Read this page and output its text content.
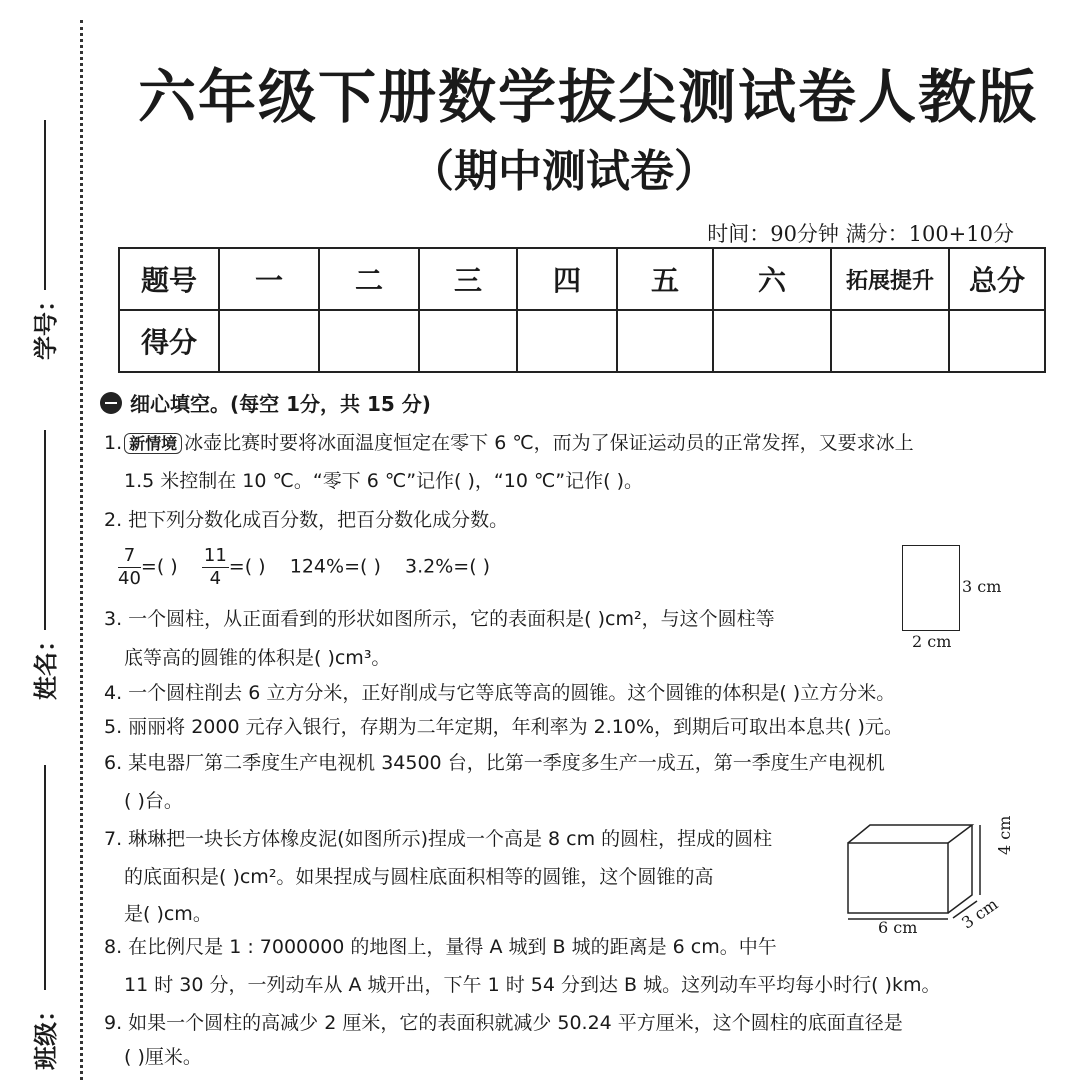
学号：
姓名：
班级：
六年级下册数学拔尖测试卷人教版
（期中测试卷）
时间：90分钟 满分：100+10分
题号	一	二	三	四	五	六	拓展提升	总分
得分								
细心填空。(每空 1分，共 15 分)
1. 新情境 冰壶比赛时要将冰面温度恒定在零下 6 ℃，而为了保证运动员的正常发挥，又要求冰上
1.5 米控制在 10 ℃。“零下 6 ℃”记作( )，“10 ℃”记作( )。
2. 把下列分数化成百分数，把百分数化成分数。
$\frac{7}{40}$ =( ) $\frac{11}{4}$ =( ) 124%=( ) 3.2%=( )
3 cm
2 cm
3. 一个圆柱，从正面看到的形状如图所示，它的表面积是( )cm²，与这个圆柱等
底等高的圆锥的体积是( )cm³。
4. 一个圆柱削去 6 立方分米，正好削成与它等底等高的圆锥。这个圆锥的体积是( )立方分米。
5. 丽丽将 2000 元存入银行，存期为二年定期，年利率为 2.10%，到期后可取出本息共( )元。
6. 某电器厂第二季度生产电视机 34500 台，比第一季度多生产一成五，第一季度生产电视机
( )台。
7. 琳琳把一块长方体橡皮泥(如图所示)捏成一个高是 8 cm 的圆柱，捏成的圆柱
的底面积是( )cm²。如果捏成与圆柱底面积相等的圆锥，这个圆锥的高
是( )cm。
6 cm	3 cm
4 cm
8. 在比例尺是 1 : 7000000 的地图上，量得 A 城到 B 城的距离是 6 cm。中午
11 时 30 分，一列动车从 A 城开出，下午 1 时 54 分到达 B 城。这列动车平均每小时行( )km。
9. 如果一个圆柱的高减少 2 厘米，它的表面积就减少 50.24 平方厘米，这个圆柱的底面直径是
( )厘米。
